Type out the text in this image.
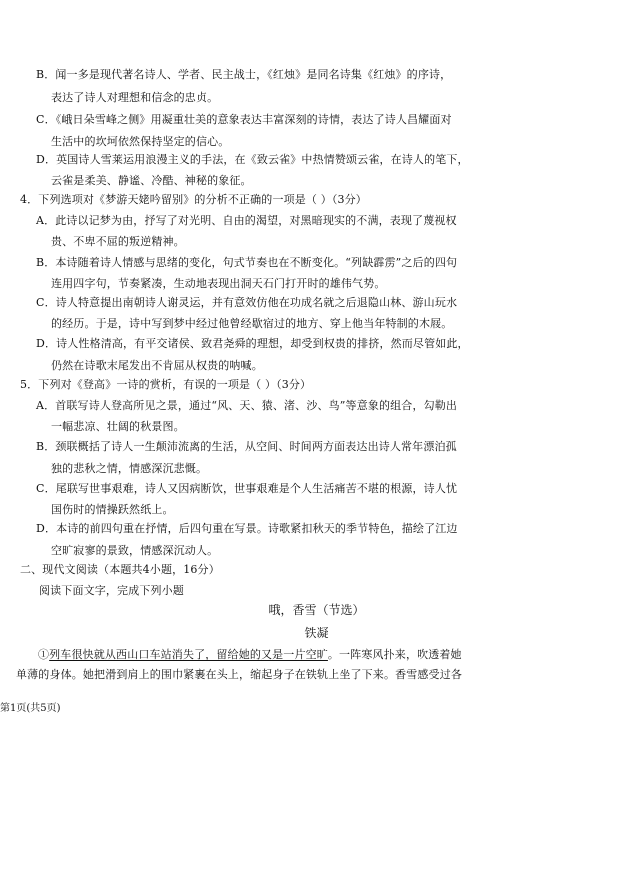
B．闻一多是现代著名诗人、学者、民主战士，《红烛》是同名诗集《红烛》的序诗，
表达了诗人对理想和信念的忠贞。
C．《峨日朵雪峰之侧》用凝重壮美的意象表达丰富深刻的诗情，表达了诗人昌耀面对
生活中的坎坷依然保持坚定的信心。
D．英国诗人雪莱运用浪漫主义的手法，在《致云雀》中热情赞颂云雀，在诗人的笔下，
云雀是柔美、静谧、冷酷、神秘的象征。
4．下列选项对《梦游天姥吟留别》的分析不正确的一项是（ ）（3分）
A．此诗以记梦为由，抒写了对光明、自由的渴望，对黑暗现实的不满，表现了蔑视权
贵、不卑不屈的叛逆精神。
B．本诗随着诗人情感与思绪的变化，句式节奏也在不断变化。“列缺霹雳”之后的四句
连用四字句，节奏紧凑，生动地表现出洞天石门打开时的雄伟气势。
C．诗人特意提出南朝诗人谢灵运，并有意效仿他在功成名就之后退隐山林、游山玩水
的经历。于是，诗中写到梦中经过他曾经歇宿过的地方、穿上他当年特制的木屐。
D．诗人性格清高，有平交诸侯、致君尧舜的理想，却受到权贵的排挤，然而尽管如此，
仍然在诗歌末尾发出不肯屈从权贵的呐喊。
5．下列对《登高》一诗的赏析，有误的一项是（ ）（3分）
A．首联写诗人登高所见之景，通过“风、天、猿、渚、沙、鸟”等意象的组合，勾勒出
一幅悲凉、壮阔的秋景图。
B．颈联概括了诗人一生颠沛流离的生活，从空间、时间两方面表达出诗人常年漂泊孤
独的悲秋之情，情感深沉悲慨。
C．尾联写世事艰难，诗人又因病断饮，世事艰难是个人生活痛苦不堪的根源，诗人忧
国伤时的情操跃然纸上。
D．本诗的前四句重在抒情，后四句重在写景。诗歌紧扣秋天的季节特色，描绘了江边
空旷寂寥的景致，情感深沉动人。
二、现代文阅读（本题共4小题，16分）
阅读下面文字，完成下列小题
哦，香雪（节选）
铁凝
①列车很快就从西山口车站消失了，留给她的又是一片空旷。一阵寒风扑来，吹透着她
单薄的身体。她把滑到肩上的围巾紧裹在头上，缩起身子在铁轨上坐了下来。香雪感受过各
第1页(共5页)
